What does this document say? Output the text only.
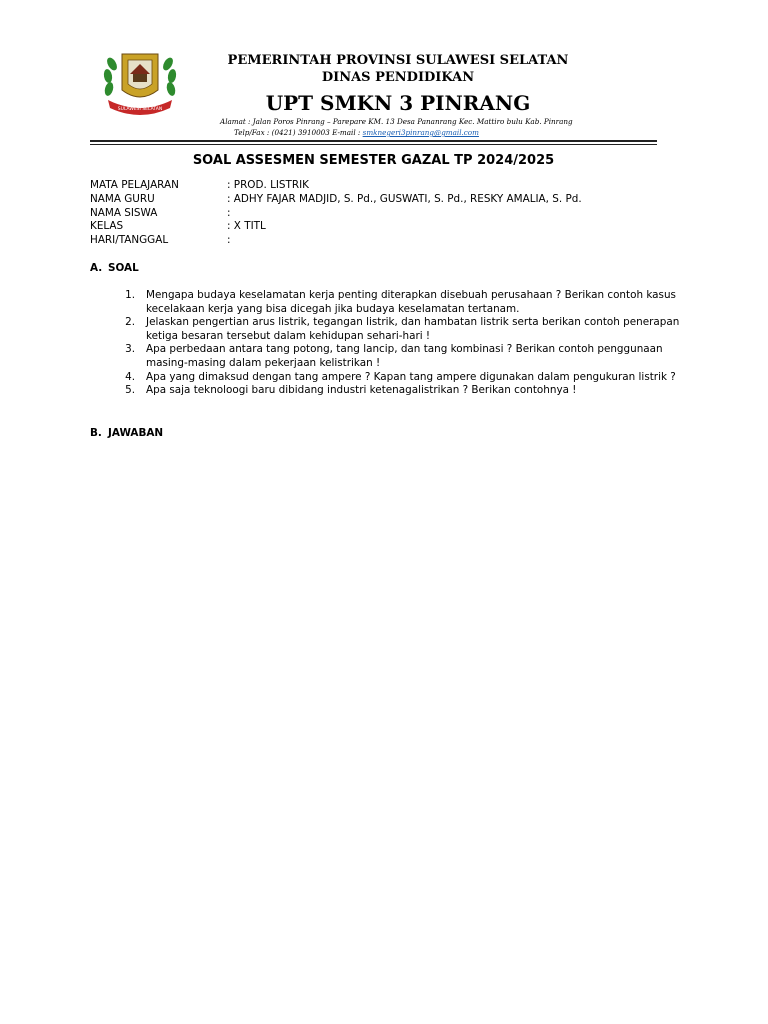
SULAWESI SELATAN
PEMERINTAH PROVINSI SULAWESI SELATAN
DINAS PENDIDIKAN
UPT SMKN 3 PINRANG
Alamat : Jalan Poros Pinrang – Parepare KM. 13 Desa Pananrang Kec. Mattiro bulu Kab. Pinrang
Telp/Fax : (0421) 3910003 E-mail : smknegeri3pinrang@gmail.com
SOAL ASSESMEN SEMESTER GAZAL TP 2024/2025
MATA PELAJARAN	: PROD. LISTRIK
NAMA GURU	: ADHY FAJAR MADJID, S. Pd., GUSWATI, S. Pd., RESKY AMALIA, S. Pd.
NAMA SISWA	:
KELAS	: X TITL
HARI/TANGGAL	:
A. SOAL
1.	Mengapa budaya keselamatan kerja penting diterapkan disebuah perusahaan ? Berikan contoh kasus kecelakaan kerja yang bisa dicegah jika budaya keselamatan tertanam.
2.	Jelaskan pengertian arus listrik, tegangan listrik, dan hambatan listrik serta berikan contoh penerapan ketiga besaran tersebut dalam kehidupan sehari-hari !
3.	Apa perbedaan antara tang potong, tang lancip, dan tang kombinasi ? Berikan contoh penggunaan masing-masing dalam pekerjaan kelistrikan !
4.	Apa yang dimaksud dengan tang ampere ? Kapan tang ampere digunakan dalam pengukuran listrik ?
5.	Apa saja teknoloogi baru dibidang industri ketenagalistrikan ? Berikan contohnya !
B. JAWABAN
